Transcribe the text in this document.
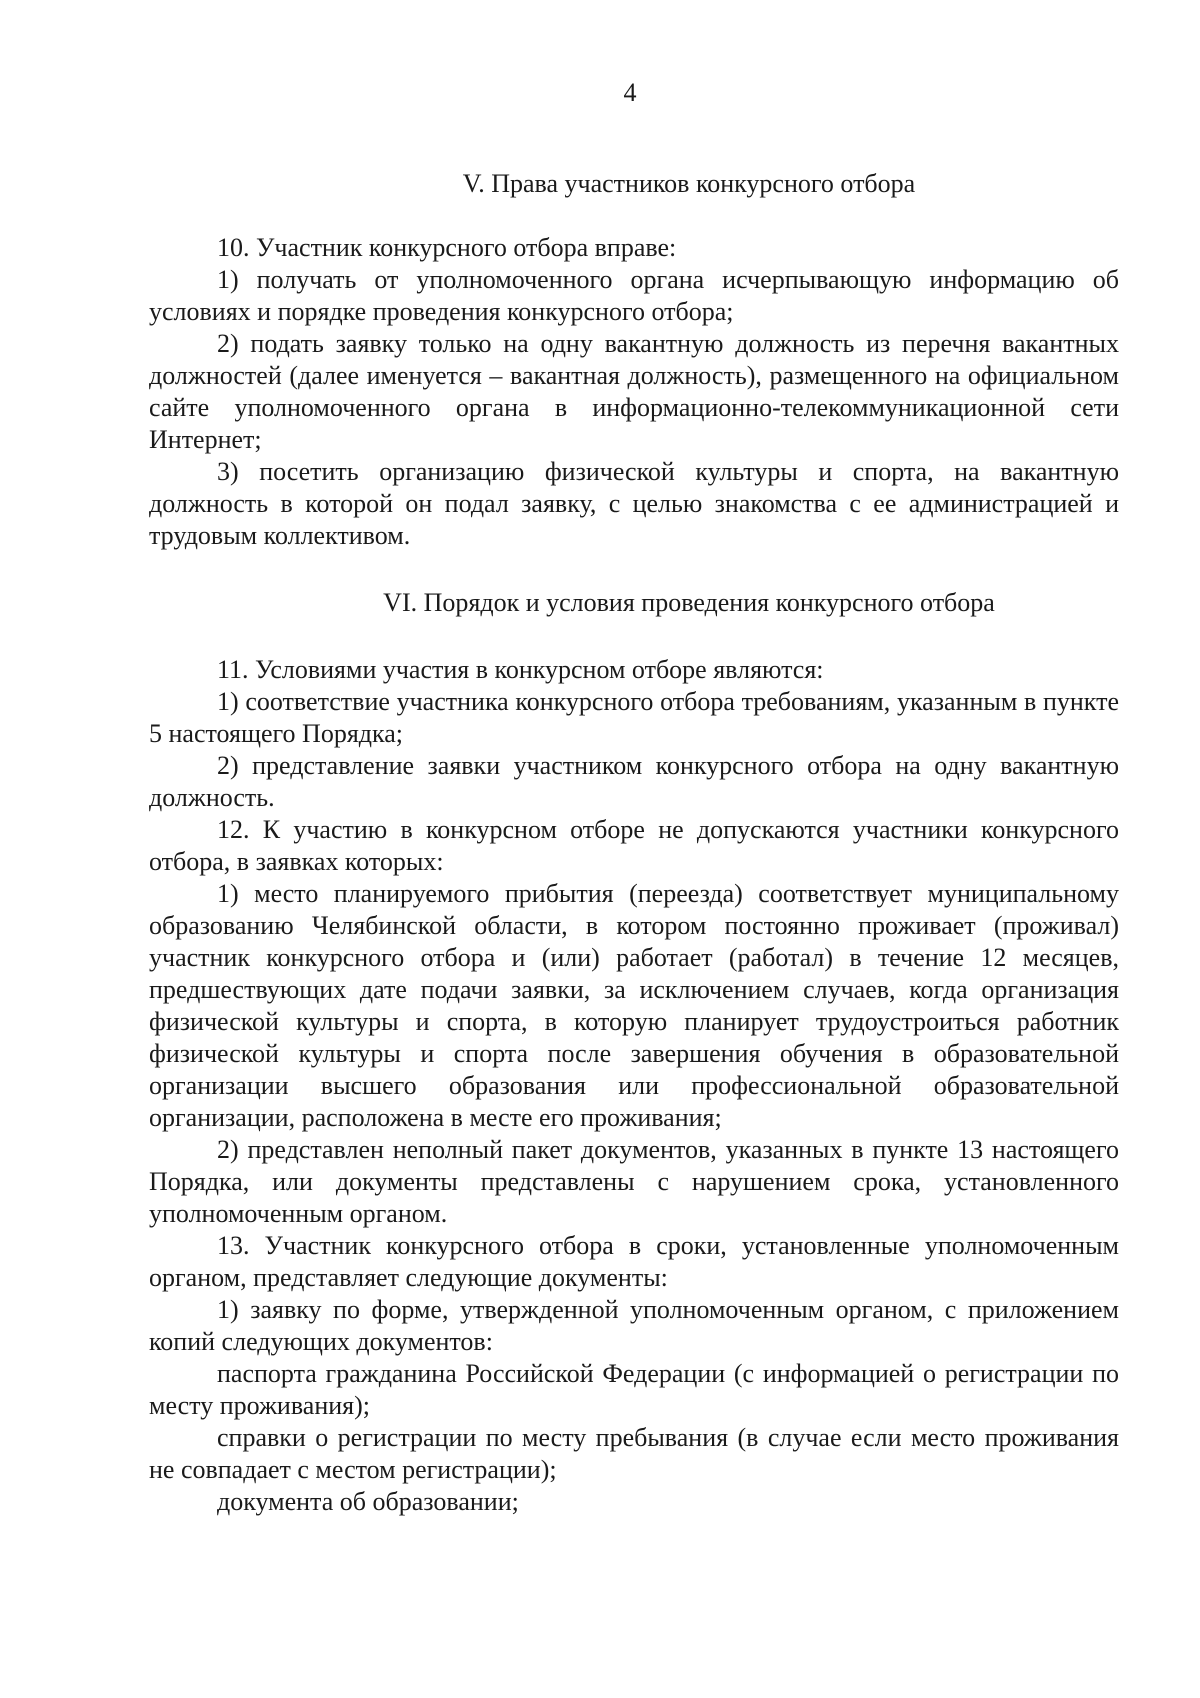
4
V. Права участников конкурсного отбора

10. Участник конкурсного отбора вправе:

1) получать от уполномоченного органа исчерпывающую информацию об условиях и порядке проведения конкурсного отбора;

2) подать заявку только на одну вакантную должность из перечня вакантных должностей (далее именуется – вакантная должность), размещенного на официальном сайте уполномоченного органа в информационно-телекоммуникационной сети Интернет;

3) посетить организацию физической культуры и спорта, на вакантную должность в которой он подал заявку, с целью знакомства с ее администрацией и трудовым коллективом.

VI. Порядок и условия проведения конкурсного отбора

11. Условиями участия в конкурсном отборе являются:

1) соответствие участника конкурсного отбора требованиям, указанным в пункте 5 настоящего Порядка;

2) представление заявки участником конкурсного отбора на одну вакантную должность.

12. К участию в конкурсном отборе не допускаются участники конкурсного отбора, в заявках которых:

1) место планируемого прибытия (переезда) соответствует муниципальному образованию Челябинской области, в котором постоянно проживает (проживал) участник конкурсного отбора и (или) работает (работал) в течение 12 месяцев, предшествующих дате подачи заявки, за исключением случаев, когда организация физической культуры и спорта, в которую планирует трудоустроиться работник физической культуры и спорта после завершения обучения в образовательной организации высшего образования или профессиональной образовательной организации, расположена в месте его проживания;

2) представлен неполный пакет документов, указанных в пункте 13 настоящего Порядка, или документы представлены с нарушением срока, установленного уполномоченным органом.

13. Участник конкурсного отбора в сроки, установленные уполномоченным органом, представляет следующие документы:

1) заявку по форме, утвержденной уполномоченным органом, с приложением копий следующих документов:

паспорта гражданина Российской Федерации (с информацией о регистрации по месту проживания);

справки о регистрации по месту пребывания (в случае если место проживания не совпадает с местом регистрации);

документа об образовании;
